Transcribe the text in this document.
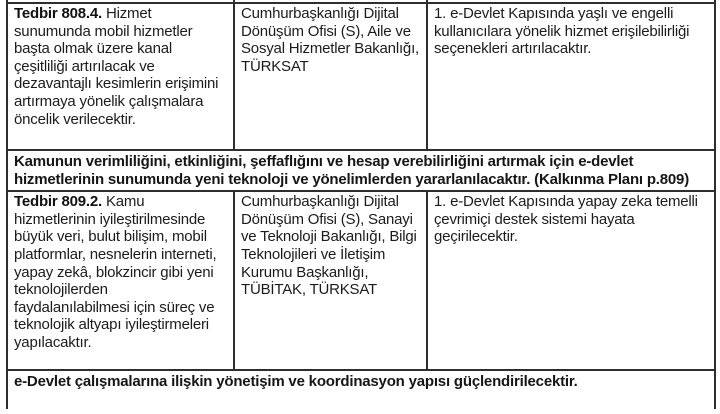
Tedbir 808.4. Hizmet sunumunda mobil hizmetler başta olmak üzere kanal çeşitliliği artırılacak ve dezavantajlı kesimlerin erişimini artırmaya yönelik çalışmalara öncelik verilecektir.	Cumhurbaşkanlığı Dijital Dönüşüm Ofisi (S), Aile ve Sosyal Hizmetler Bakanlığı, TÜRKSAT	1. e-Devlet Kapısında yaşlı ve engelli kullanıcılara yönelik hizmet erişilebilirliği seçenekleri artırılacaktır.

Kamunun verimliliğini, etkinliğini, şeffaflığını ve hesap verebilirliğini artırmak için e-devlet hizmetlerinin sunumunda yeni teknoloji ve yönelimlerden yararlanılacaktır. (Kalkınma Planı p.809)		

Tedbir 809.2. Kamu hizmetlerinin iyileştirilmesinde büyük veri, bulut bilişim, mobil platformlar, nesnelerin interneti, yapay zekâ, blokzincir gibi yeni teknolojilerden faydalanılabilmesi için süreç ve teknolojik altyapı iyileştirmeleri yapılacaktır.	Cumhurbaşkanlığı Dijital Dönüşüm Ofisi (S), Sanayi ve Teknoloji Bakanlığı, Bilgi Teknolojileri ve İletişim Kurumu Başkanlığı, TÜBİTAK, TÜRKSAT	1. e-Devlet Kapısında yapay zeka temelli çevrimiçi destek sistemi hayata geçirilecektir.

e-Devlet çalışmalarına ilişkin yönetişim ve koordinasyon yapısı güçlendirilecektir.		
